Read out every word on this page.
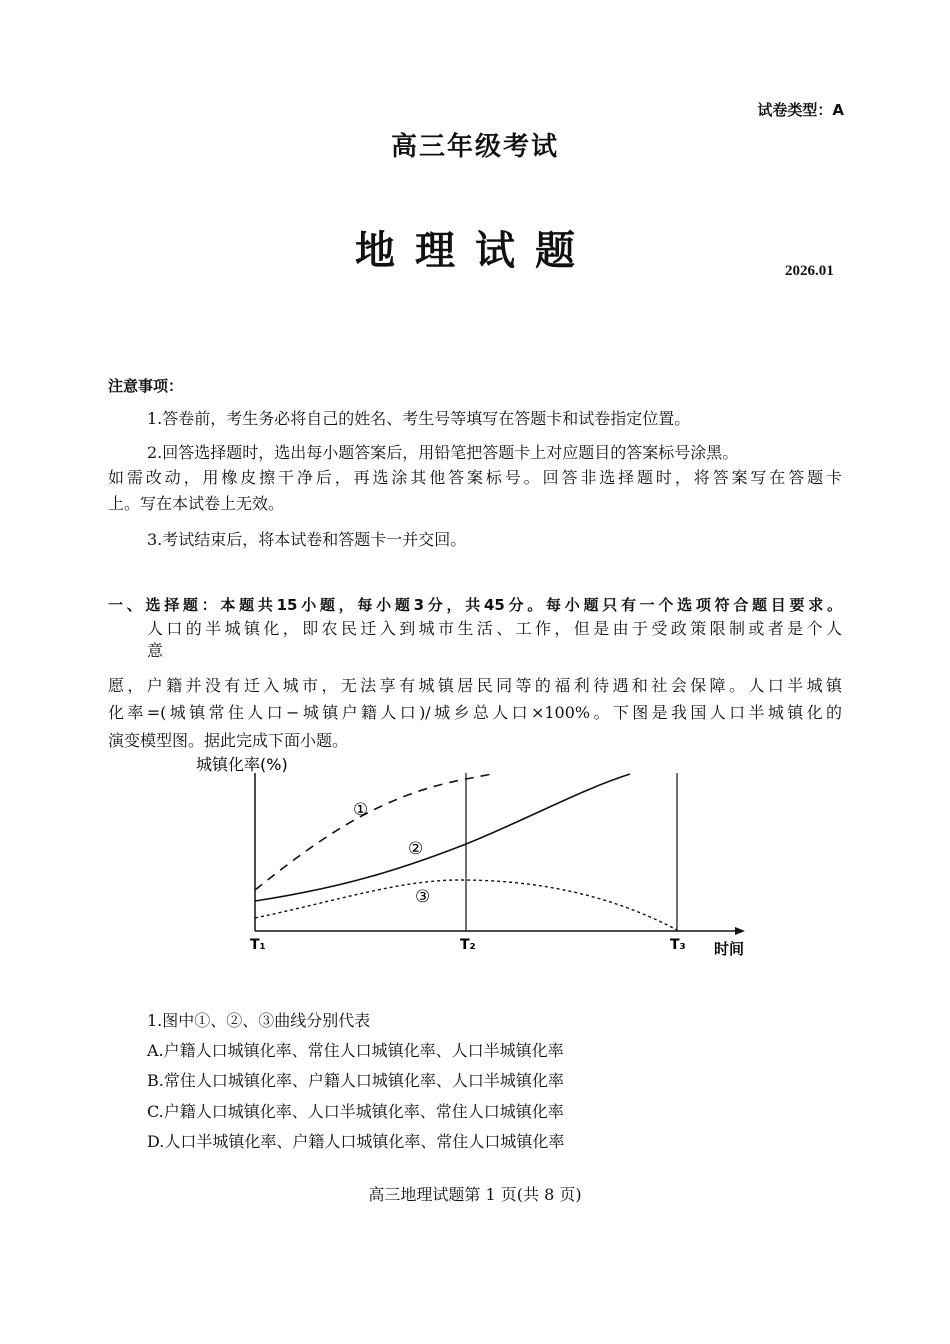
试卷类型：A
高三年级考试
地理试题	2026.01
注意事项：
1.答卷前，考生务必将自己的姓名、考生号等填写在答题卡和试卷指定位置。
2.回答选择题时，选出每小题答案后，用铅笔把答题卡上对应题目的答案标号涂黑。
如需改动，用橡皮擦干净后，再选涂其他答案标号。回答非选择题时，将答案写在答题卡
上。写在本试卷上无效。
3.考试结束后，将本试卷和答题卡一并交回。
一、选择题：本题共15小题，每小题3分，共45分。每小题只有一个选项符合题目要求。
人口的半城镇化，即农民迁入到城市生活、工作，但是由于受政策限制或者是个人
意
愿，户籍并没有迁入城市，无法享有城镇居民同等的福利待遇和社会保障。人口半城镇
化率=(城镇常住人口−城镇户籍人口)/城乡总人口×100%。下图是我国人口半城镇化的
演变模型图。据此完成下面小题。
城镇化率(%)
①
②
③
T₁	T₂	T₃ 时间
1.图中①、②、③曲线分别代表
A.户籍人口城镇化率、常住人口城镇化率、人口半城镇化率
B.常住人口城镇化率、户籍人口城镇化率、人口半城镇化率
C.户籍人口城镇化率、人口半城镇化率、常住人口城镇化率
D.人口半城镇化率、户籍人口城镇化率、常住人口城镇化率
高三地理试题第 1 页(共 8 页)
